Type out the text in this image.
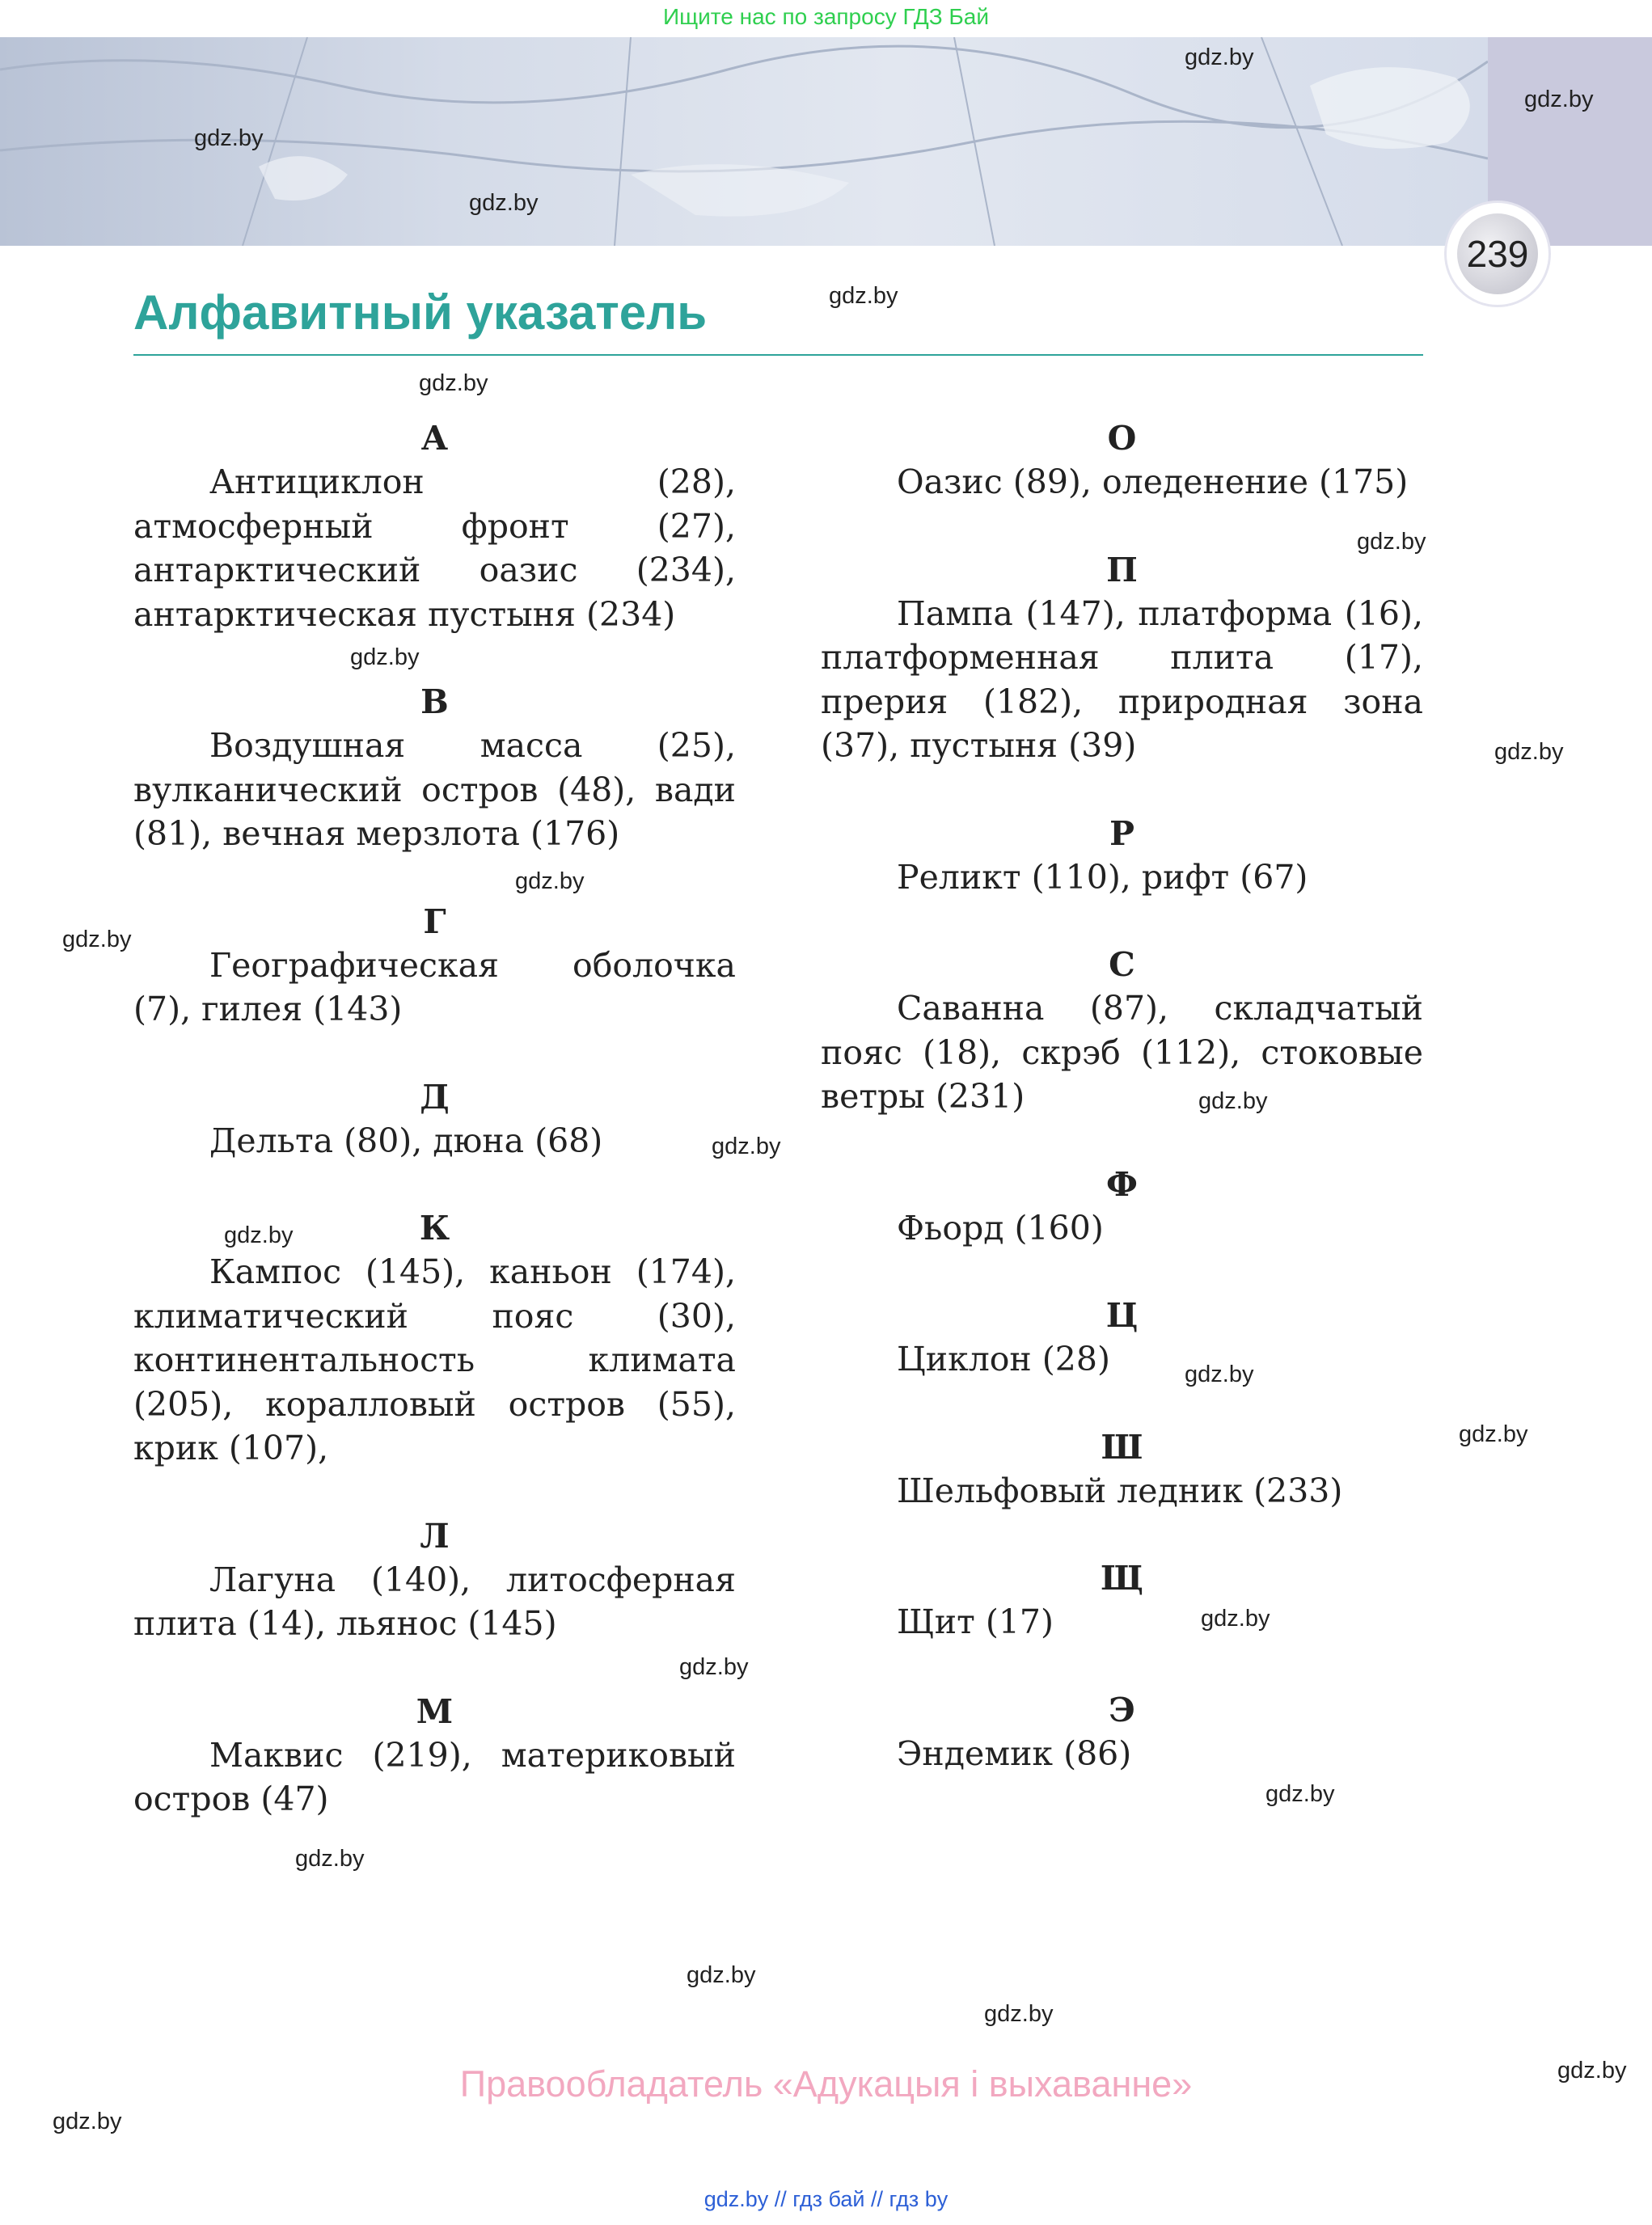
Ищите нас по запросу ГДЗ Бай
239
Алфавитный указатель
А

Антициклон (28), атмосферный фронт (27), антарктический оазис (234), антарктическая пустыня (234)

В

Воздушная масса (25), вулканический остров (48), вади (81), вечная мерзлота (176)

Г

Географическая оболочка (7), гилея (143)

Д

Дельта (80), дюна (68)

К

Кампос (145), каньон (174), климатический пояс (30), континентальность климата (205), коралловый остров (55), крик (107),

Л

Лагуна (140), литосферная плита (14), льянос (145)

М

Маквис (219), материковый остров (47)

О

Оазис (89), оледенение (175)

П

Пампа (147), платформа (16), платформенная плита (17), прерия (182), природная зона (37), пустыня (39)

Р

Реликт (110), рифт (67)

С

Саванна (87), складчатый пояс (18), скрэб (112), стоковые ветры (231)

Ф

Фьорд (160)

Ц

Циклон (28)

Ш

Шельфовый ледник (233)

Щ

Щит (17)

Э

Эндемик (86)

gdz.by
gdz.by
gdz.by
gdz.by
gdz.by
gdz.by
gdz.by
gdz.by
gdz.by
gdz.by
gdz.by
gdz.by
gdz.by
gdz.by
gdz.by
gdz.by
gdz.by
gdz.by
gdz.by
gdz.by
gdz.by
gdz.by
gdz.by
gdz.by
Правообладатель «Адукацыя і выхаванне»
gdz.by // гдз бай // гдз by
